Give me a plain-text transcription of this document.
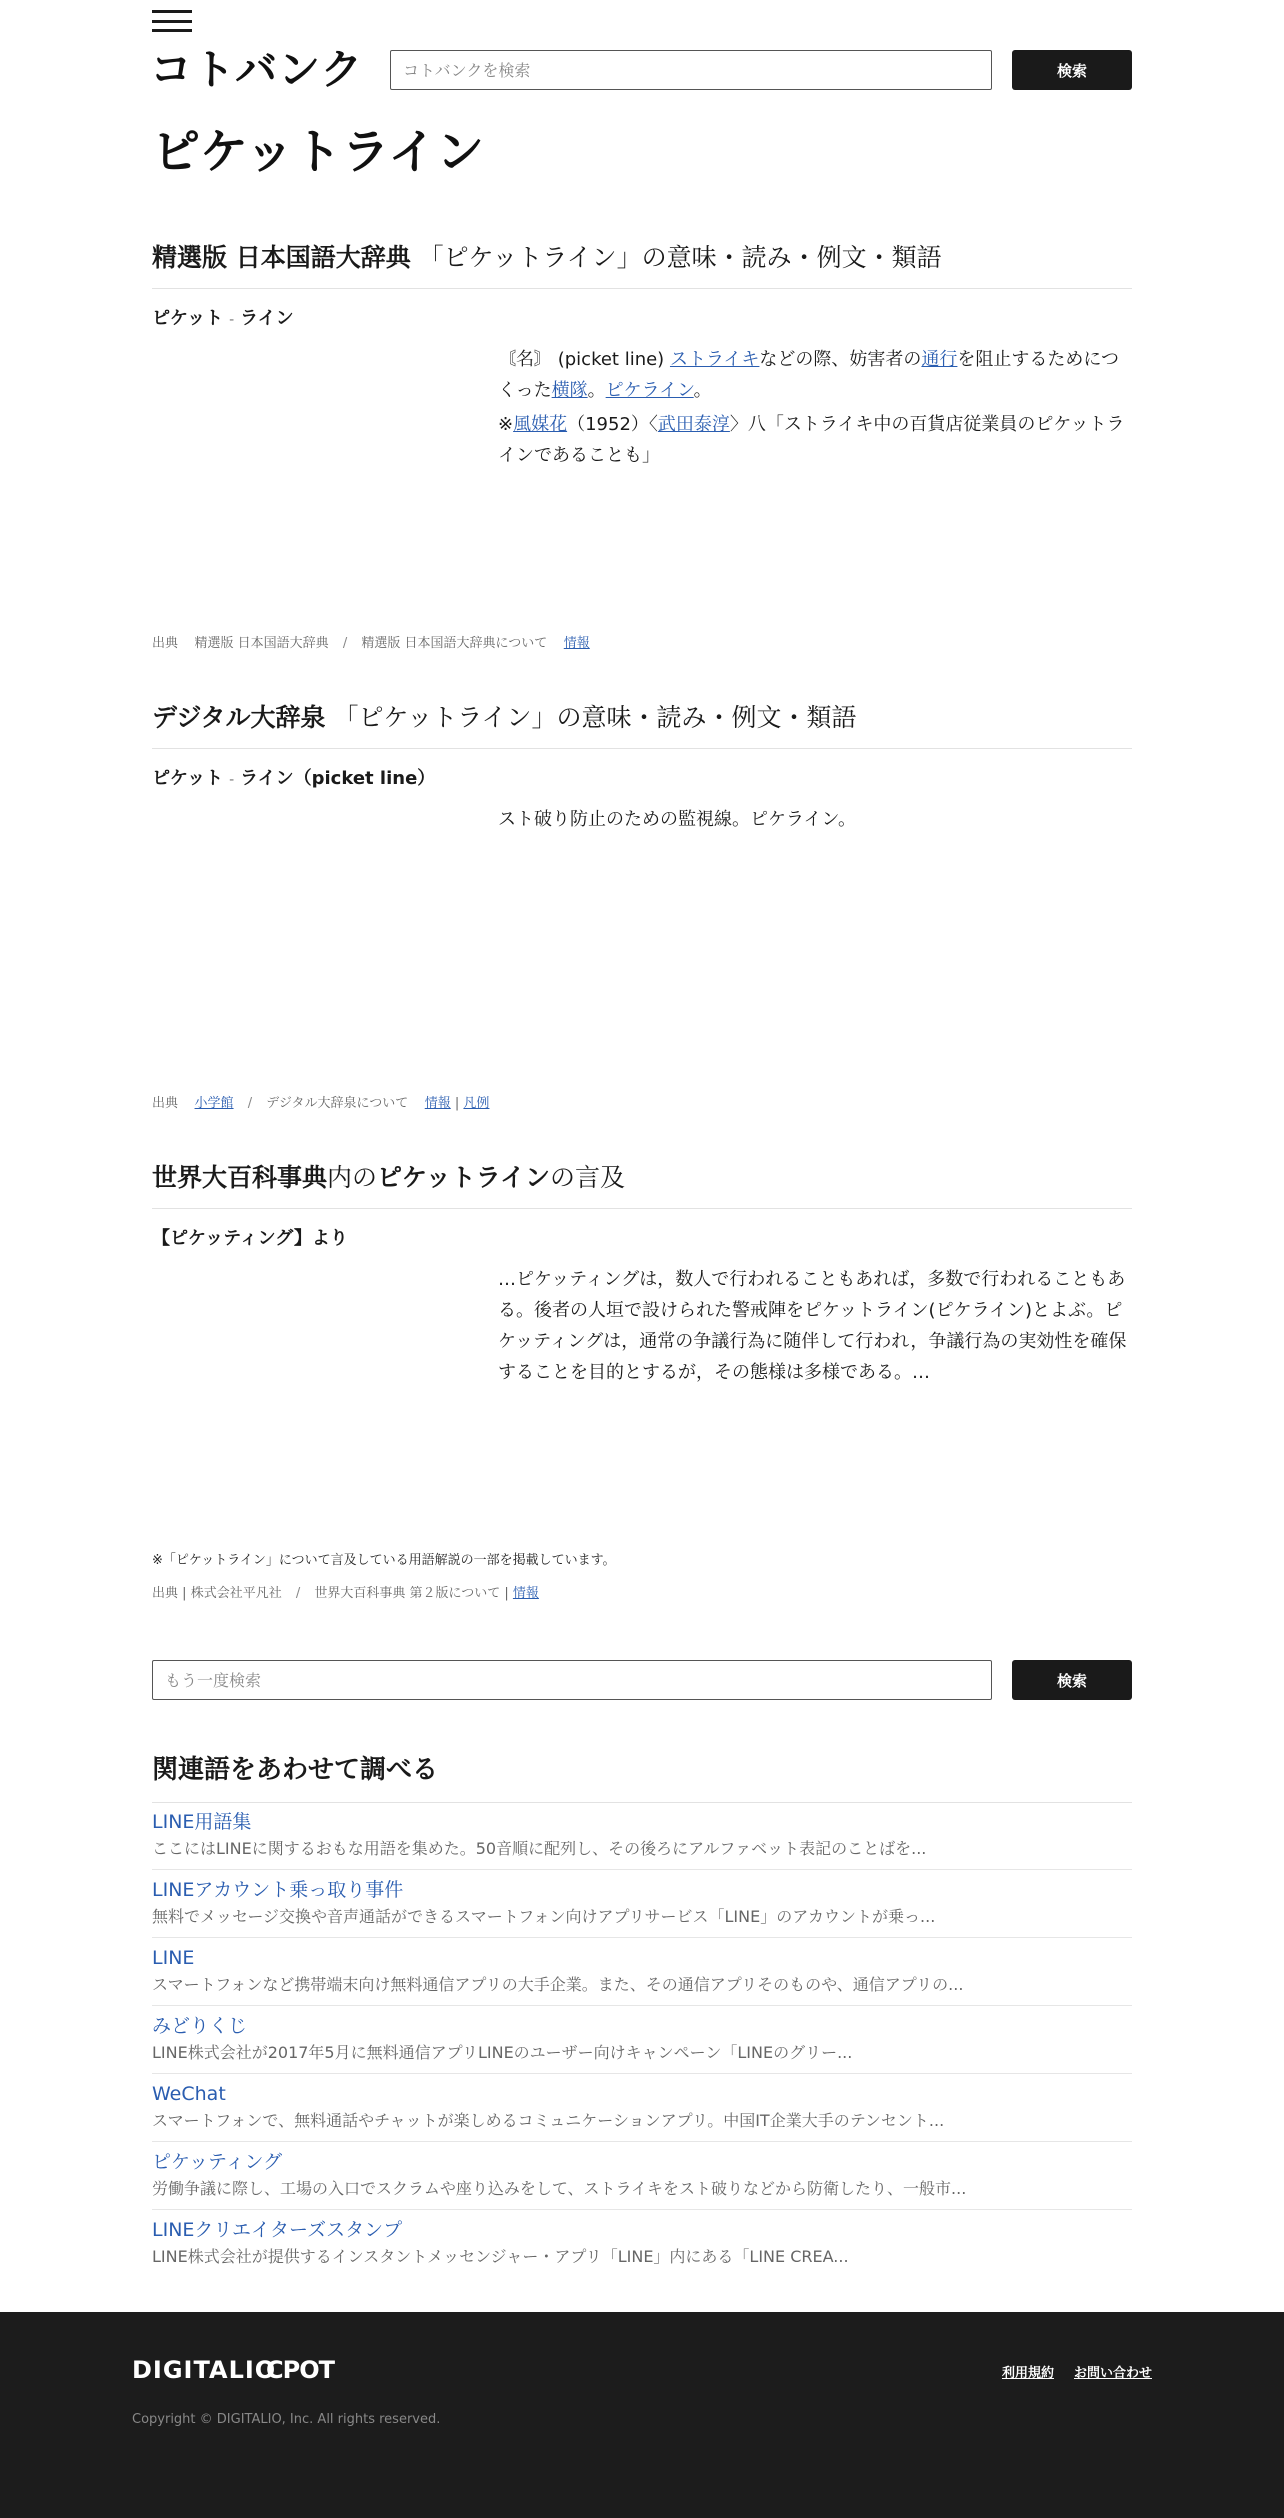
コトバンク
コトバンクを検索	検索
ピケットライン
精選版 日本国語大辞典 「ピケットライン」の意味・読み・例文・類語
ピケット ‐ ライン

〘名〙 (picket line) ストライキなどの際、妨害者の通行を阻止するためにつくった横隊。ピケライン。

※風媒花（1952）〈武田泰淳〉八「ストライキ中の百貨店従業員のピケットラインであることも」

出典 精選版 日本国語大辞典 / 精選版 日本国語大辞典について 情報
デジタル大辞泉 「ピケットライン」の意味・読み・例文・類語
ピケット ‐ ライン（picket line）
スト破り防止のための監視線。ピケライン。
出典 小学館 / デジタル大辞泉について 情報 | 凡例
世界大百科事典内のピケットラインの言及
【ピケッティング】より
…ピケッティングは，数人で行われることもあれば，多数で行われることもある。後者の人垣で設けられた警戒陣をピケットライン(ピケライン)とよぶ。ピケッティングは，通常の争議行為に随伴して行われ，争議行為の実効性を確保することを目的とするが，その態様は多様である。…
※「ピケットライン」について言及している用語解説の一部を掲載しています。
出典 | 株式会社平凡社 / 世界大百科事典 第２版について | 情報
もう一度検索
検索
関連語をあわせて調べる
LINE用語集
ここにはLINEに関するおもな用語を集めた。50音順に配列し、その後ろにアルファベット表記のことばを...
LINEアカウント乗っ取り事件
無料でメッセージ交換や音声通話ができるスマートフォン向けアプリサービス「LINE」のアカウントが乗っ...
LINE
スマートフォンなど携帯端末向け無料通信アプリの大手企業。また、その通信アプリそのものや、通信アプリの...
みどりくじ
LINE株式会社が2017年5月に無料通信アプリLINEのユーザー向けキャンペーン「LINEのグリー...
WeChat
スマートフォンで、無料通話やチャットが楽しめるコミュニケーションアプリ。中国IT企業大手のテンセント...
ピケッティング
労働争議に際し、工場の入口でスクラムや座り込みをして、ストライキをスト破りなどから防衛したり、一般市...
LINEクリエイターズスタンプ
LINE株式会社が提供するインスタントメッセンジャー・アプリ「LINE」内にある「LINE CREA...
DIGITALIO
CPOT	利用規約 お問い合わせ
Copyright © DIGITALIO, Inc. All rights reserved.
